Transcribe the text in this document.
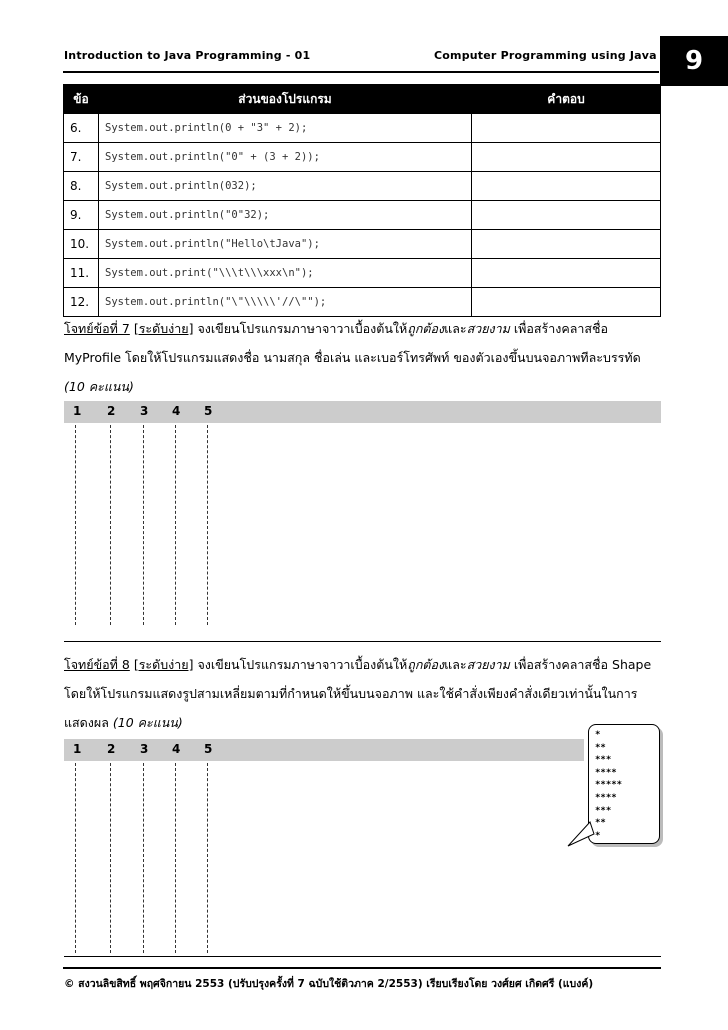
Introduction to Java Programming - 01	Computer Programming using Java	9
ข้อ	ส่วนของโปรแกรม	คำตอบ
6.	System.out.println(0 + "3" + 2);	
7.	System.out.println("0" + (3 + 2));	
8.	System.out.println(032);	
9.	System.out.println("0"32);	
10.	System.out.println("Hello\tJava");	
11.	System.out.print("\\\t\\\xxx\n");	
12.	System.out.println("\"\\\\\'//\"");	
โจทย์ข้อที่ 7 [ระดับง่าย] จงเขียนโปรแกรมภาษาจาวาเบื้องต้นให้ถูกต้องและสวยงาม เพื่อสร้างคลาสชื่อ MyProfile โดยให้โปรแกรมแสดงชื่อ นามสกุล ชื่อเล่น และเบอร์โทรศัพท์ ของตัวเองขึ้นบนจอภาพทีละบรรทัด (10 คะแนน)
1 2 3 4 5
โจทย์ข้อที่ 8 [ระดับง่าย] จงเขียนโปรแกรมภาษาจาวาเบื้องต้นให้ถูกต้องและสวยงาม เพื่อสร้างคลาสชื่อ Shape โดยให้โปรแกรมแสดงรูปสามเหลี่ยมตามที่กำหนดให้ขึ้นบนจอภาพ และใช้คำสั่งเพียงคำสั่งเดียวเท่านั้นในการแสดงผล (10 คะแนน)
1 2 3 4 5
*
**
***
****
*****
****
***
**
*
© สงวนลิขสิทธิ์ พฤศจิกายน 2553 (ปรับปรุงครั้งที่ 7 ฉบับใช้ติวภาค 2/2553) เรียบเรียงโดย วงศ์ยศ เกิดศรี (แบงค์)
